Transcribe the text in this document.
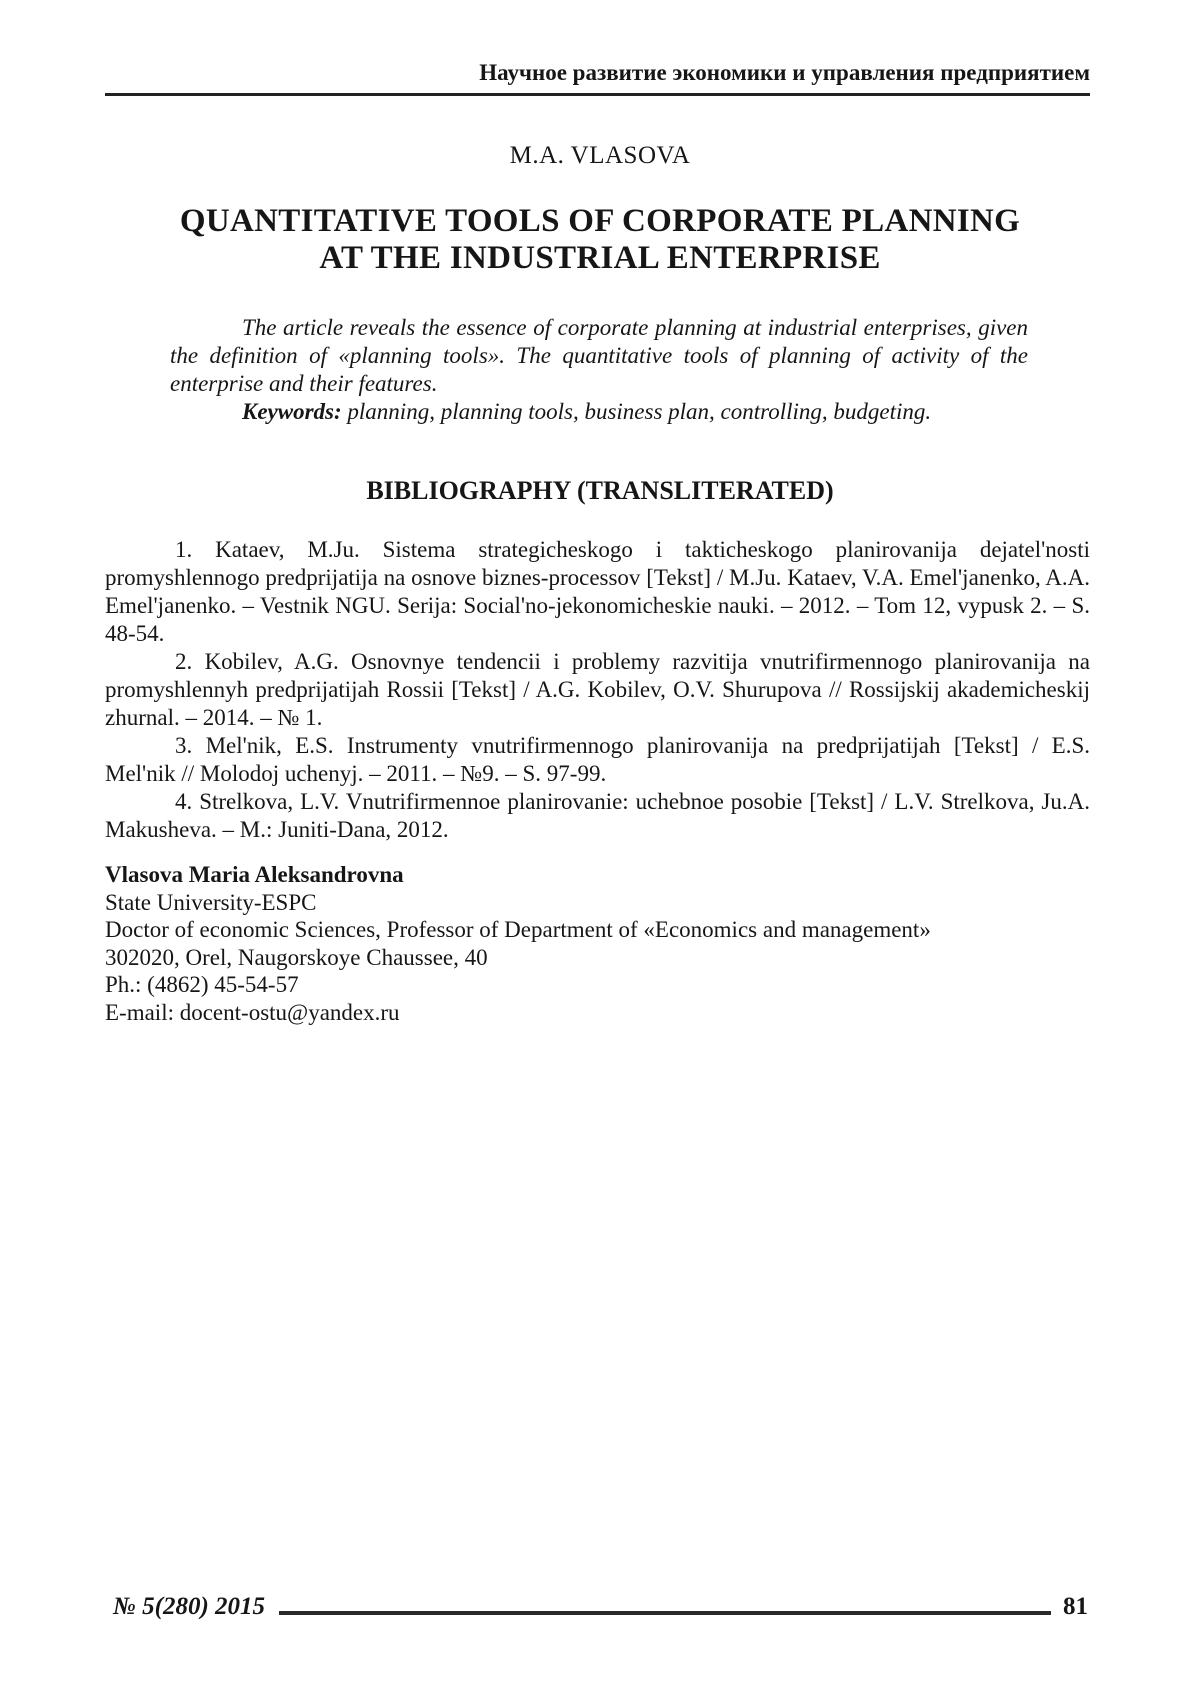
Научное развитие экономики и управления предприятием
M.A. VLASOVA
QUANTITATIVE TOOLS OF CORPORATE PLANNING
AT THE INDUSTRIAL ENTERPRISE

The article reveals the essence of corporate planning at industrial enterprises, given the definition of «planning tools». The quantitative tools of planning of activity of the enterprise and their features.

Keywords: planning, planning tools, business plan, controlling, budgeting.

BIBLIOGRAPHY (TRANSLITERATED)

1. Kataev, M.Ju. Sistema strategicheskogo i takticheskogo planirovanija dejatel'nosti promyshlennogo predprijatija na osnove biznes-processov [Tekst] / M.Ju. Kataev, V.A. Emel'janenko, A.A. Emel'janenko. – Vestnik NGU. Serija: Social'no-jekonomicheskie nauki. – 2012. – Tom 12, vypusk 2. – S. 48-54.

2. Kobilev, A.G. Osnovnye tendencii i problemy razvitija vnutrifirmennogo planirovanija na promyshlennyh predprijatijah Rossii [Tekst] / A.G. Kobilev, O.V. Shurupova // Rossijskij akademicheskij zhurnal. – 2014. – № 1.

3. Mel'nik, E.S. Instrumenty vnutrifirmennogo planirovanija na predprijatijah [Tekst] / E.S. Mel'nik // Molodoj uchenyj. – 2011. – №9. – S. 97-99.

4. Strelkova, L.V. Vnutrifirmennoe planirovanie: uchebnoe posobie [Tekst] / L.V. Strelkova, Ju.A. Makusheva. – M.: Juniti-Dana, 2012.

Vlasova Maria Aleksandrovna

State University-ESPC

Doctor of economic Sciences, Professor of Department of «Economics and management»

302020, Orel, Naugorskoye Chaussee, 40

Ph.: (4862) 45-54-57

E-mail: docent-ostu@yandex.ru

№ 5(280) 2015	81
